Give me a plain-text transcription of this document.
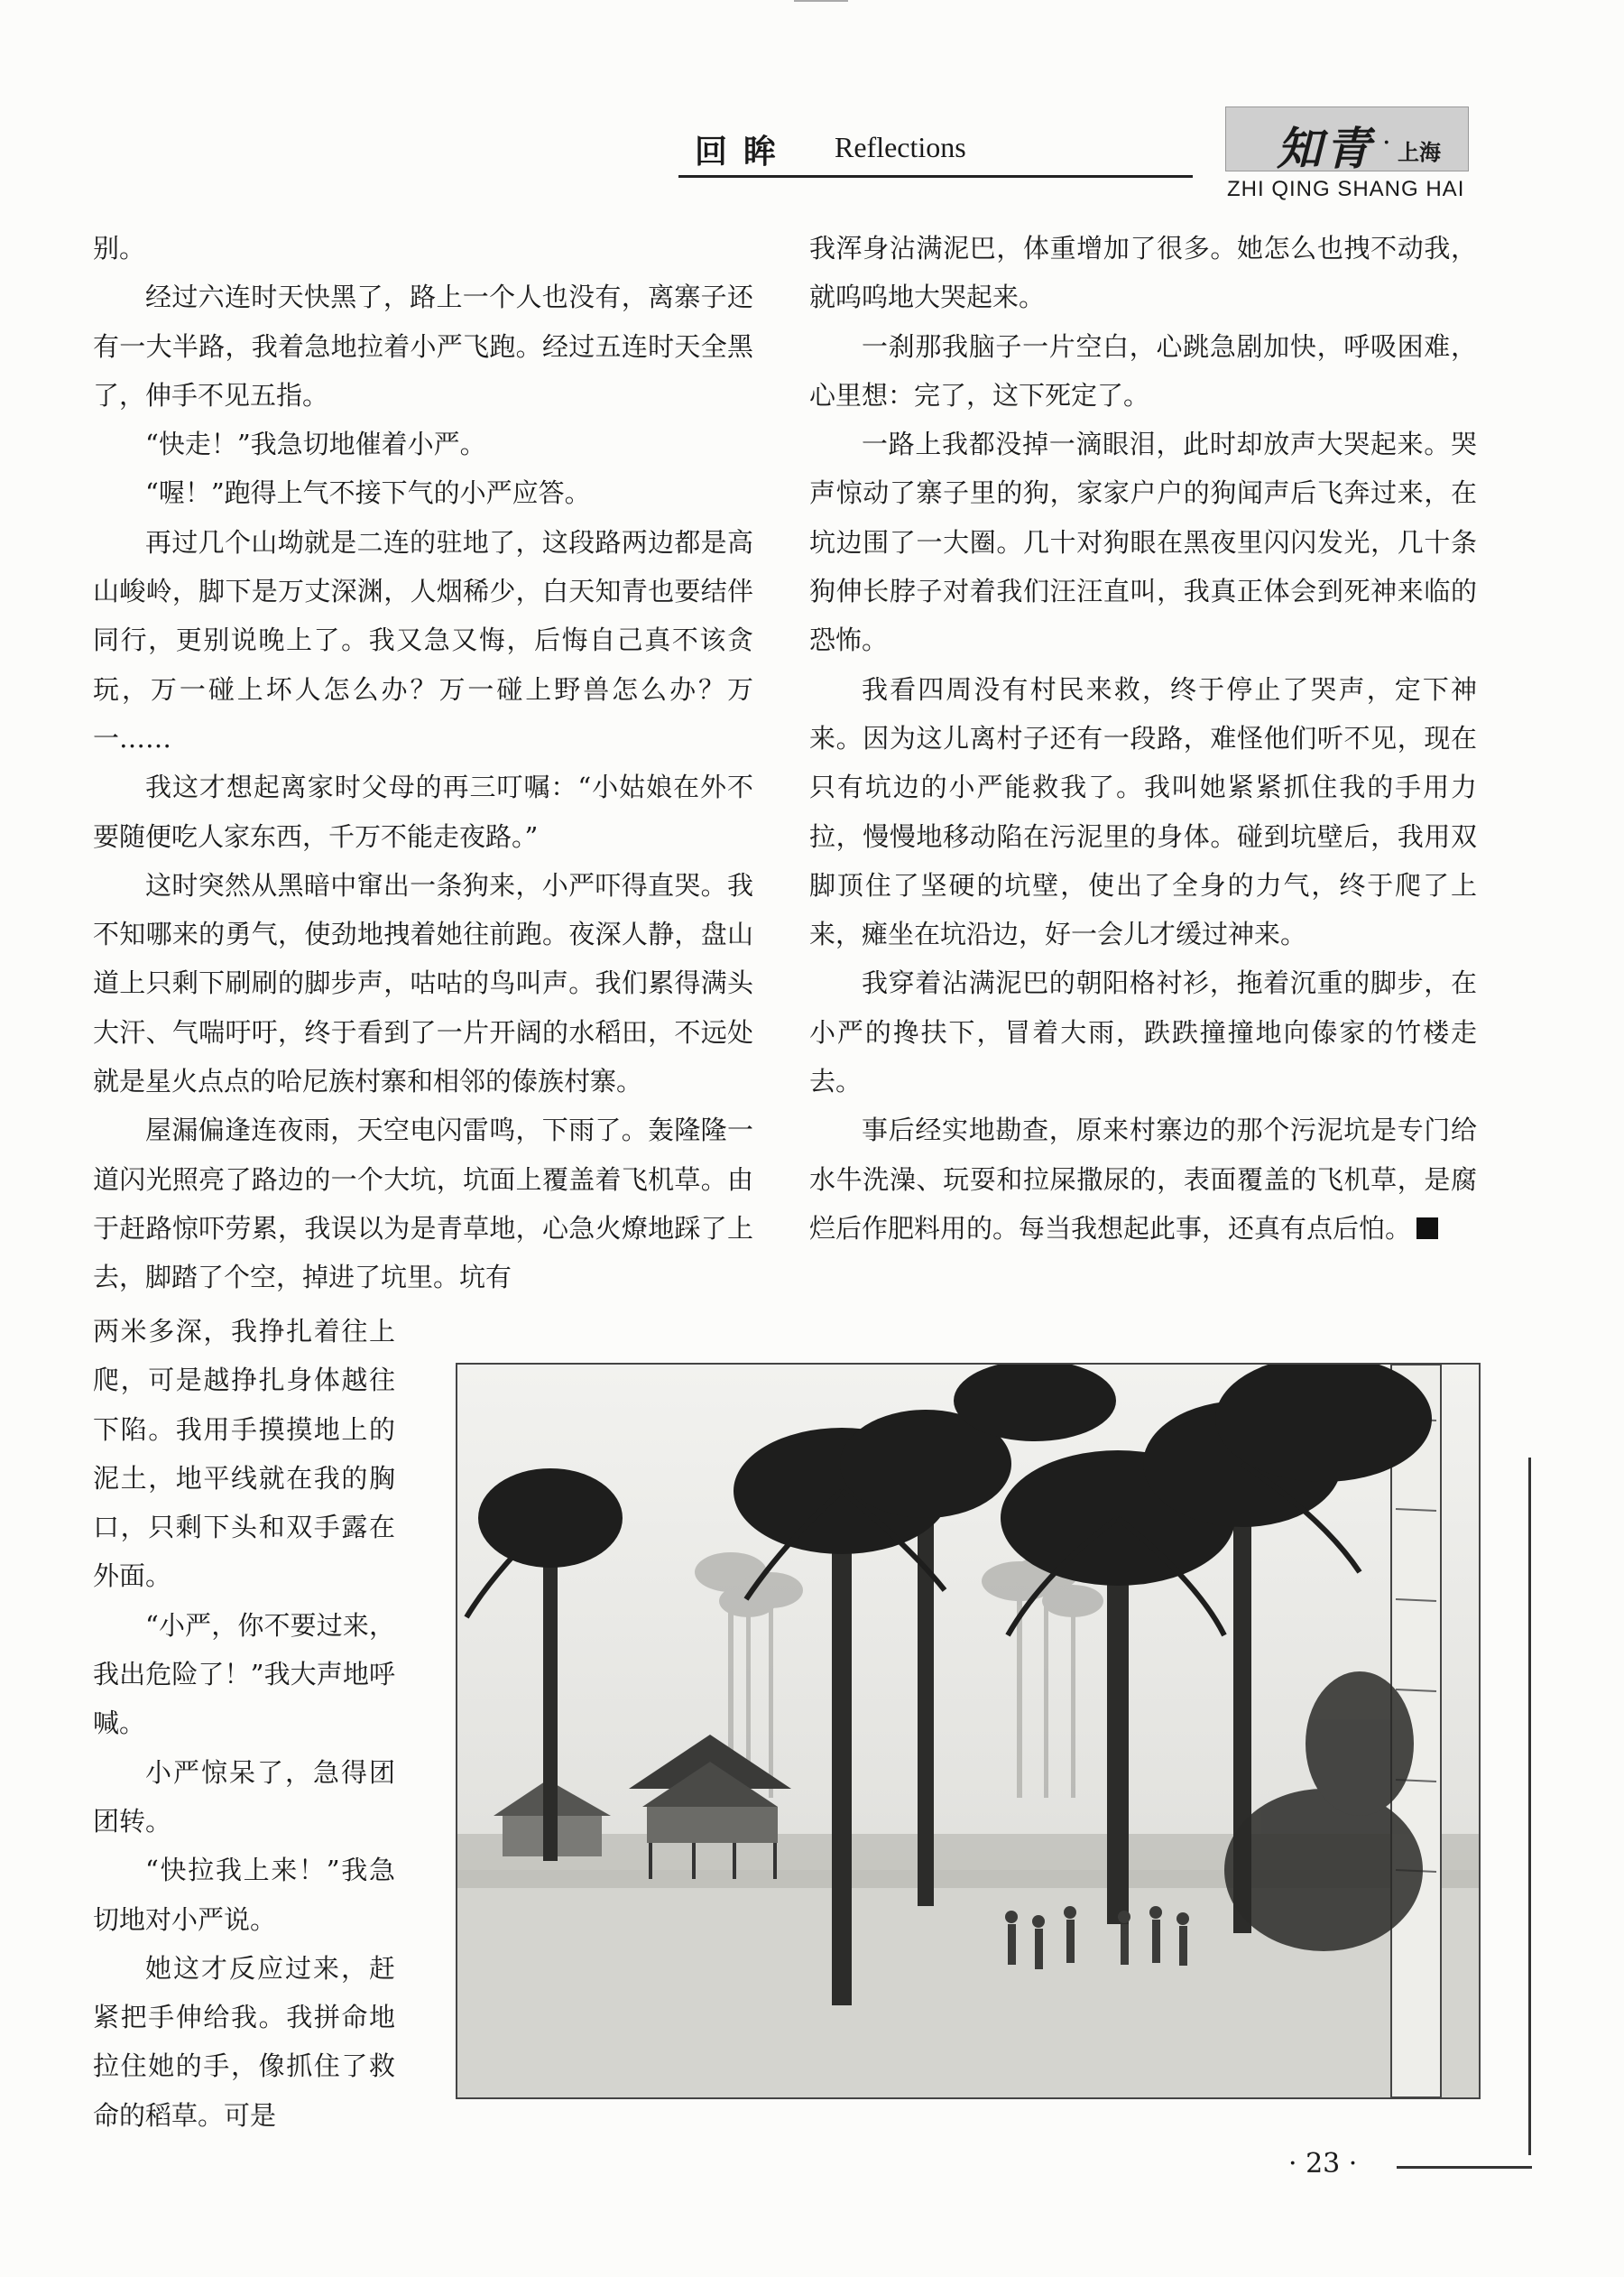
回眸 Reflections	知青 · 上海
ZHI QING SHANG HAI

别。

经过六连时天快黑了，路上一个人也没有，离寨子还有一大半路，我着急地拉着小严飞跑。经过五连时天全黑了，伸手不见五指。

“快走！”我急切地催着小严。

“喔！”跑得上气不接下气的小严应答。

再过几个山坳就是二连的驻地了，这段路两边都是高山峻岭，脚下是万丈深渊，人烟稀少，白天知青也要结伴同行，更别说晚上了。我又急又悔，后悔自己真不该贪玩，万一碰上坏人怎么办？万一碰上野兽怎么办？万一……

我这才想起离家时父母的再三叮嘱：“小姑娘在外不要随便吃人家东西，千万不能走夜路。”

这时突然从黑暗中窜出一条狗来，小严吓得直哭。我不知哪来的勇气，使劲地拽着她往前跑。夜深人静，盘山道上只剩下刷刷的脚步声，咕咕的鸟叫声。我们累得满头大汗、气喘吁吁，终于看到了一片开阔的水稻田，不远处就是星火点点的哈尼族村寨和相邻的傣族村寨。

屋漏偏逢连夜雨，天空电闪雷鸣，下雨了。轰隆隆一道闪光照亮了路边的一个大坑，坑面上覆盖着飞机草。由于赶路惊吓劳累，我误以为是青草地，心急火燎地踩了上去，脚踏了个空，掉进了坑里。坑有

两米多深，我挣扎着往上爬，可是越挣扎身体越往下陷。我用手摸摸地上的泥土，地平线就在我的胸口，只剩下头和双手露在外面。

“小严，你不要过来，我出危险了！”我大声地呼喊。

小严惊呆了，急得团团转。

“快拉我上来！”我急切地对小严说。

她这才反应过来，赶紧把手伸给我。我拼命地拉住她的手，像抓住了救命的稻草。可是

我浑身沾满泥巴，体重增加了很多。她怎么也拽不动我，就呜呜地大哭起来。

一刹那我脑子一片空白，心跳急剧加快，呼吸困难，心里想：完了，这下死定了。

一路上我都没掉一滴眼泪，此时却放声大哭起来。哭声惊动了寨子里的狗，家家户户的狗闻声后飞奔过来，在坑边围了一大圈。几十对狗眼在黑夜里闪闪发光，几十条狗伸长脖子对着我们汪汪直叫，我真正体会到死神来临的恐怖。

我看四周没有村民来救，终于停止了哭声，定下神来。因为这儿离村子还有一段路，难怪他们听不见，现在只有坑边的小严能救我了。我叫她紧紧抓住我的手用力拉，慢慢地移动陷在污泥里的身体。碰到坑壁后，我用双脚顶住了坚硬的坑壁，使出了全身的力气，终于爬了上来，瘫坐在坑沿边，好一会儿才缓过神来。

我穿着沾满泥巴的朝阳格衬衫，拖着沉重的脚步，在小严的搀扶下，冒着大雨，跌跌撞撞地向傣家的竹楼走去。

事后经实地勘查，原来村寨边的那个污泥坑是专门给水牛洗澡、玩耍和拉屎撒尿的，表面覆盖的飞机草，是腐烂后作肥料用的。每当我想起此事，还真有点后怕。

· 23 ·
